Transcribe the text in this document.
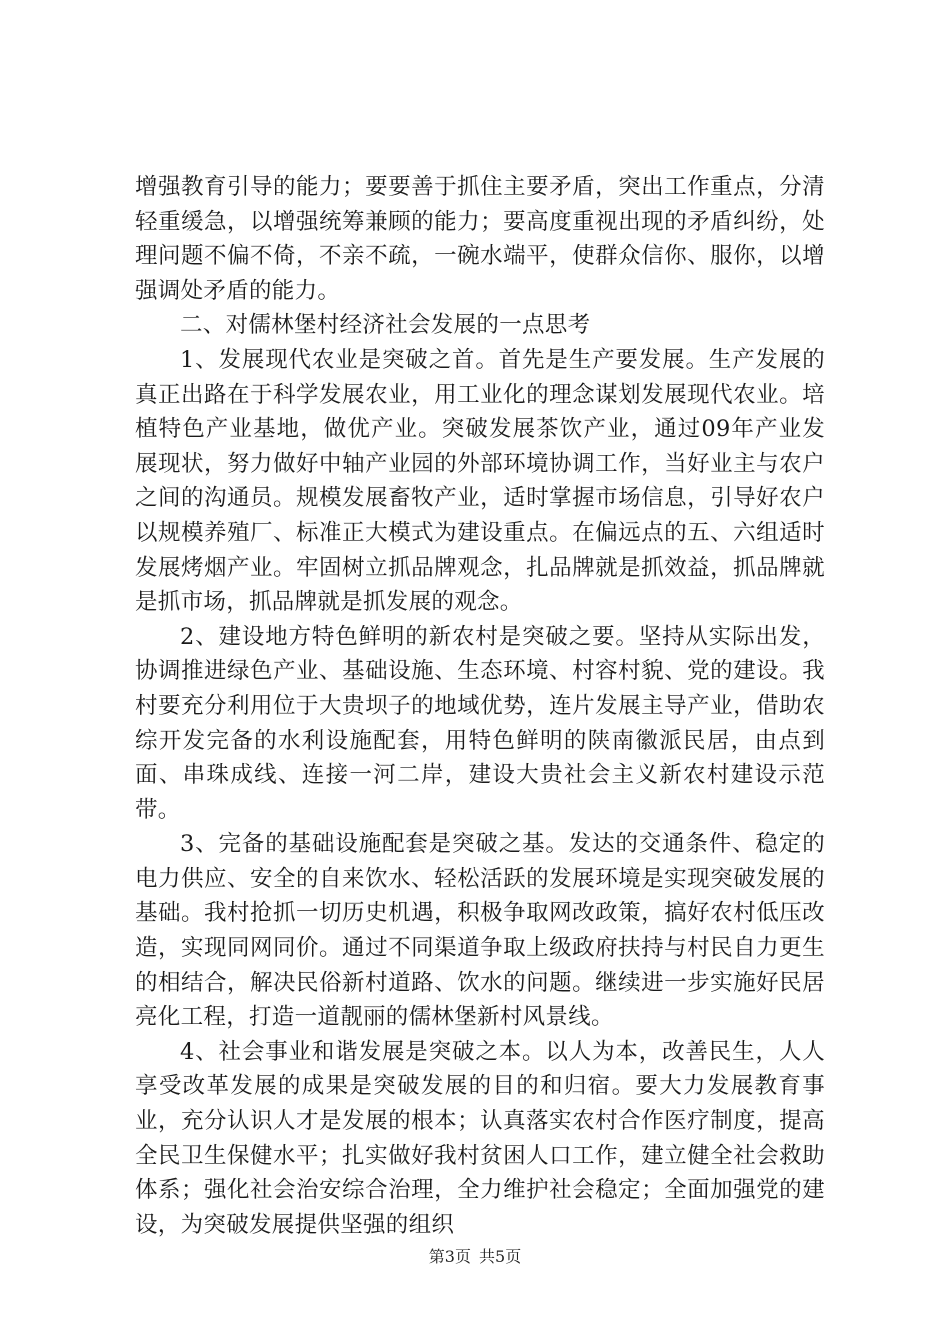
增强教育引导的能力；要要善于抓住主要矛盾，突出工作重点，分清轻重缓急，以增强统筹兼顾的能力；要高度重视出现的矛盾纠纷，处理问题不偏不倚，不亲不疏，一碗水端平，使群众信你、服你，以增强调处矛盾的能力。

二、对儒林堡村经济社会发展的一点思考

1、发展现代农业是突破之首。首先是生产要发展。生产发展的真正出路在于科学发展农业，用工业化的理念谋划发展现代农业。培植特色产业基地，做优产业。突破发展茶饮产业，通过09年产业发展现状，努力做好中轴产业园的外部环境协调工作，当好业主与农户之间的沟通员。规模发展畜牧产业，适时掌握市场信息，引导好农户以规模养殖厂、标准正大模式为建设重点。在偏远点的五、六组适时发展烤烟产业。牢固树立抓品牌观念，扎品牌就是抓效益，抓品牌就是抓市场，抓品牌就是抓发展的观念。

2、建设地方特色鲜明的新农村是突破之要。坚持从实际出发，协调推进绿色产业、基础设施、生态环境、村容村貌、党的建设。我村要充分利用位于大贵坝子的地域优势，连片发展主导产业，借助农综开发完备的水利设施配套，用特色鲜明的陕南徽派民居，由点到面、串珠成线、连接一河二岸，建设大贵社会主义新农村建设示范带。

3、完备的基础设施配套是突破之基。发达的交通条件、稳定的电力供应、安全的自来饮水、轻松活跃的发展环境是实现突破发展的基础。我村抢抓一切历史机遇，积极争取网改政策，搞好农村低压改造，实现同网同价。通过不同渠道争取上级政府扶持与村民自力更生的相结合，解决民俗新村道路、饮水的问题。继续进一步实施好民居亮化工程，打造一道靓丽的儒林堡新村风景线。

4、社会事业和谐发展是突破之本。以人为本，改善民生，人人享受改革发展的成果是突破发展的目的和归宿。要大力发展教育事业，充分认识人才是发展的根本；认真落实农村合作医疗制度，提高全民卫生保健水平；扎实做好我村贫困人口工作，建立健全社会救助体系；强化社会治安综合治理，全力维护社会稳定；全面加强党的建设，为突破发展提供坚强的组织

第3页 共5页
